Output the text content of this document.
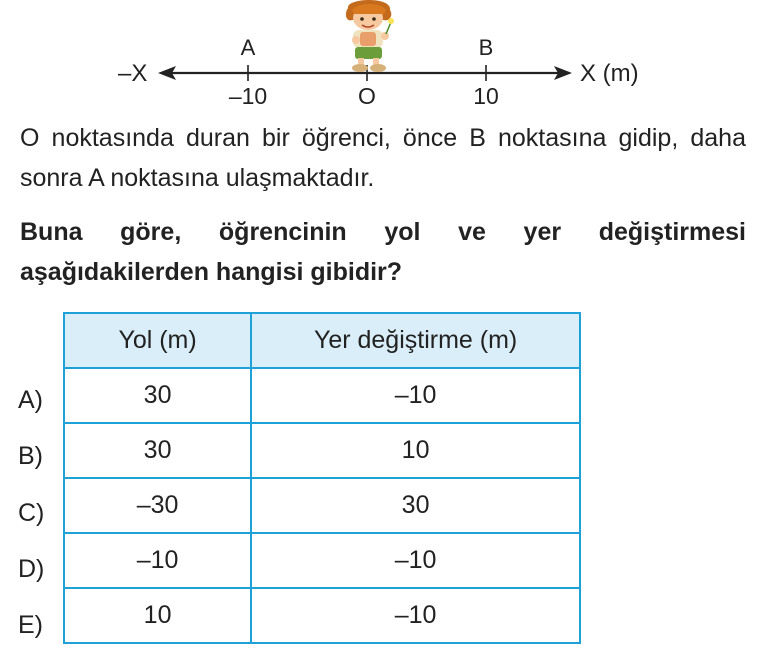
–X	X (m)
A	B
–10	O	10

O noktasında duran bir öğrenci, önce B noktasına gidip, daha sonra A noktasına ulaşmaktadır.

Buna göre, öğrencinin yol ve yer değiştirmesi aşağıdakilerden hangisi gibidir?

A)
B)
C)
D)
E)
Yol (m)	Yer değiştirme (m)
30	–10
30	10
–30	30
–10	–10
10	–10
